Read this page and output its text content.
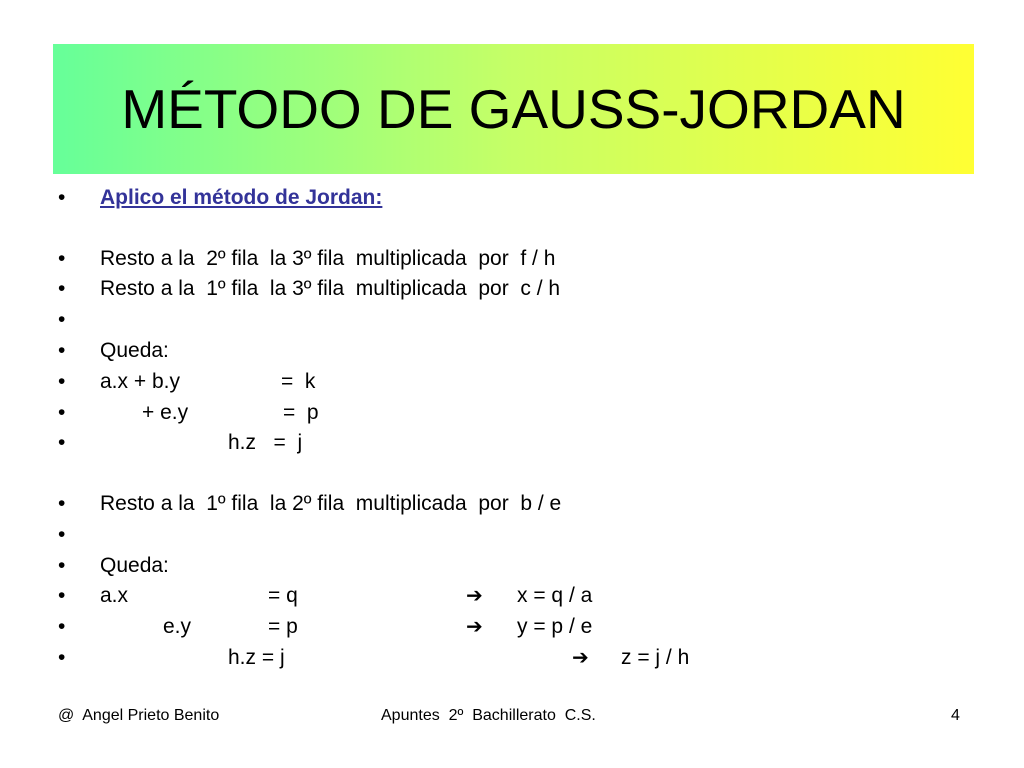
MÉTODO DE GAUSS-JORDAN
• Aplico el método de Jordan:
• Resto a la  2º fila  la 3º fila  multiplicada  por  f / h
• Resto a la  1º fila  la 3º fila  multiplicada  por  c / h
•
• Queda:
• a.x + b.y	=  k
•	+ e.y	=  p
•	h.z   =  j
• Resto a la  1º fila  la 2º fila  multiplicada  por  b / e
•
• Queda:
• a.x	= q	➔ x = q / a
•	e.y	= p	➔ y = p / e
•	h.z = j	➔ z = j / h
@  Angel Prieto Benito	Apuntes  2º  Bachillerato  C.S.	4
